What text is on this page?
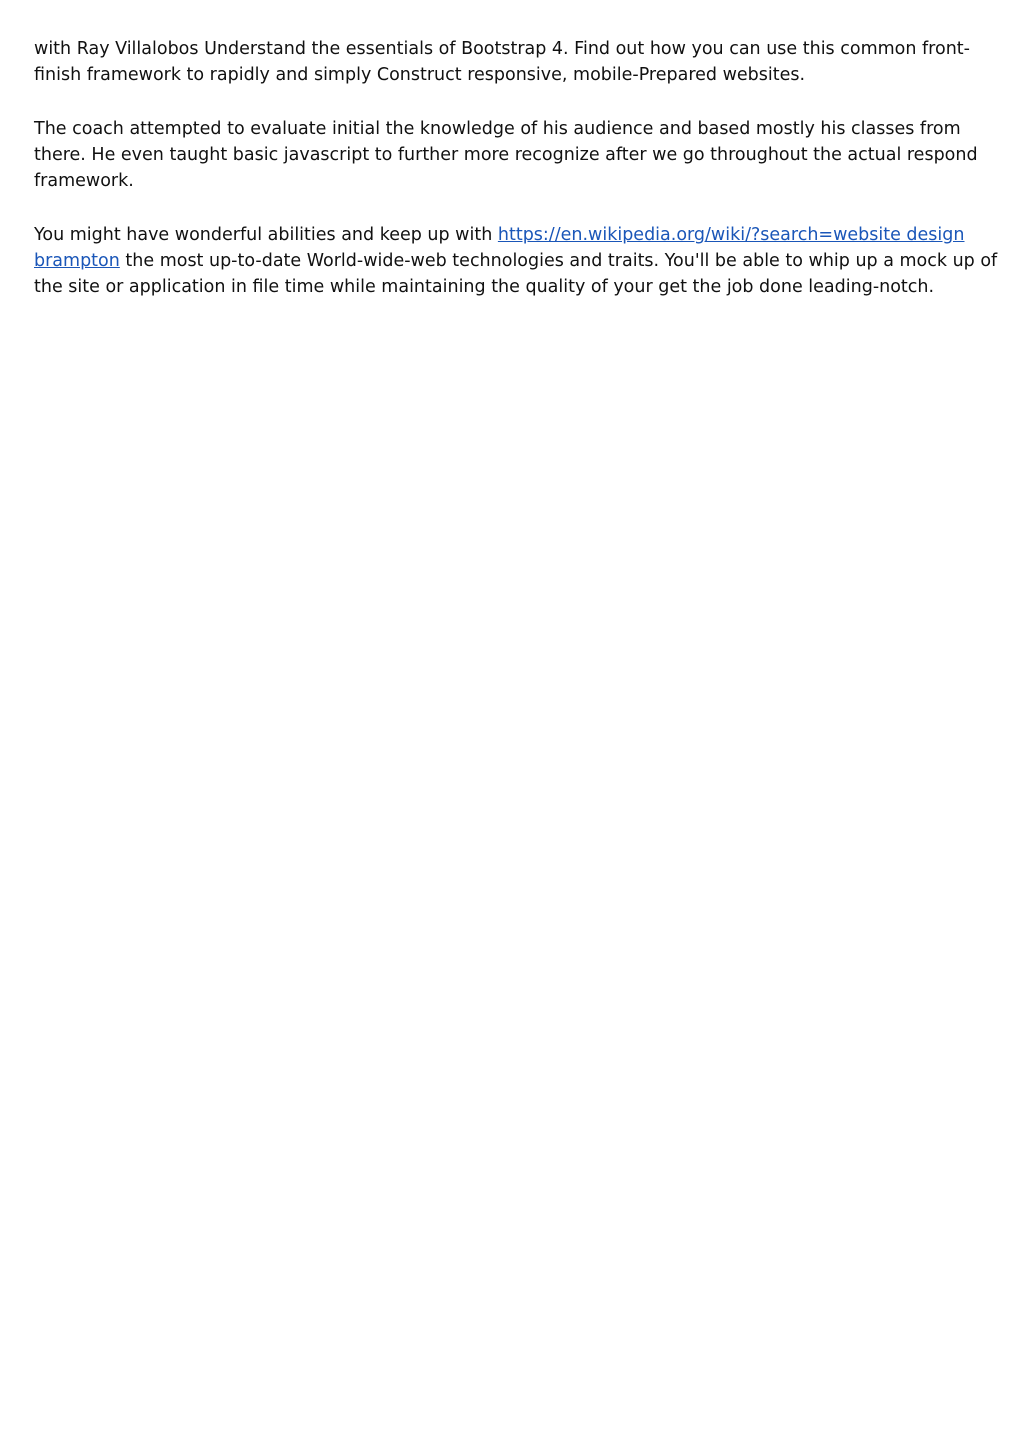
with Ray Villalobos Understand the essentials of Bootstrap 4. Find out how you can use this common front-finish framework to rapidly and simply Construct responsive, mobile-Prepared websites.

The coach attempted to evaluate initial the knowledge of his audience and based mostly his classes from there. He even taught basic javascript to further more recognize after we go throughout the actual respond framework.

You might have wonderful abilities and keep up with https://en.wikipedia.org/wiki/?search=website design brampton the most up-to-date World-wide-web technologies and traits. You'll be able to whip up a mock up of the site or application in file time while maintaining the quality of your get the job done leading-notch.
